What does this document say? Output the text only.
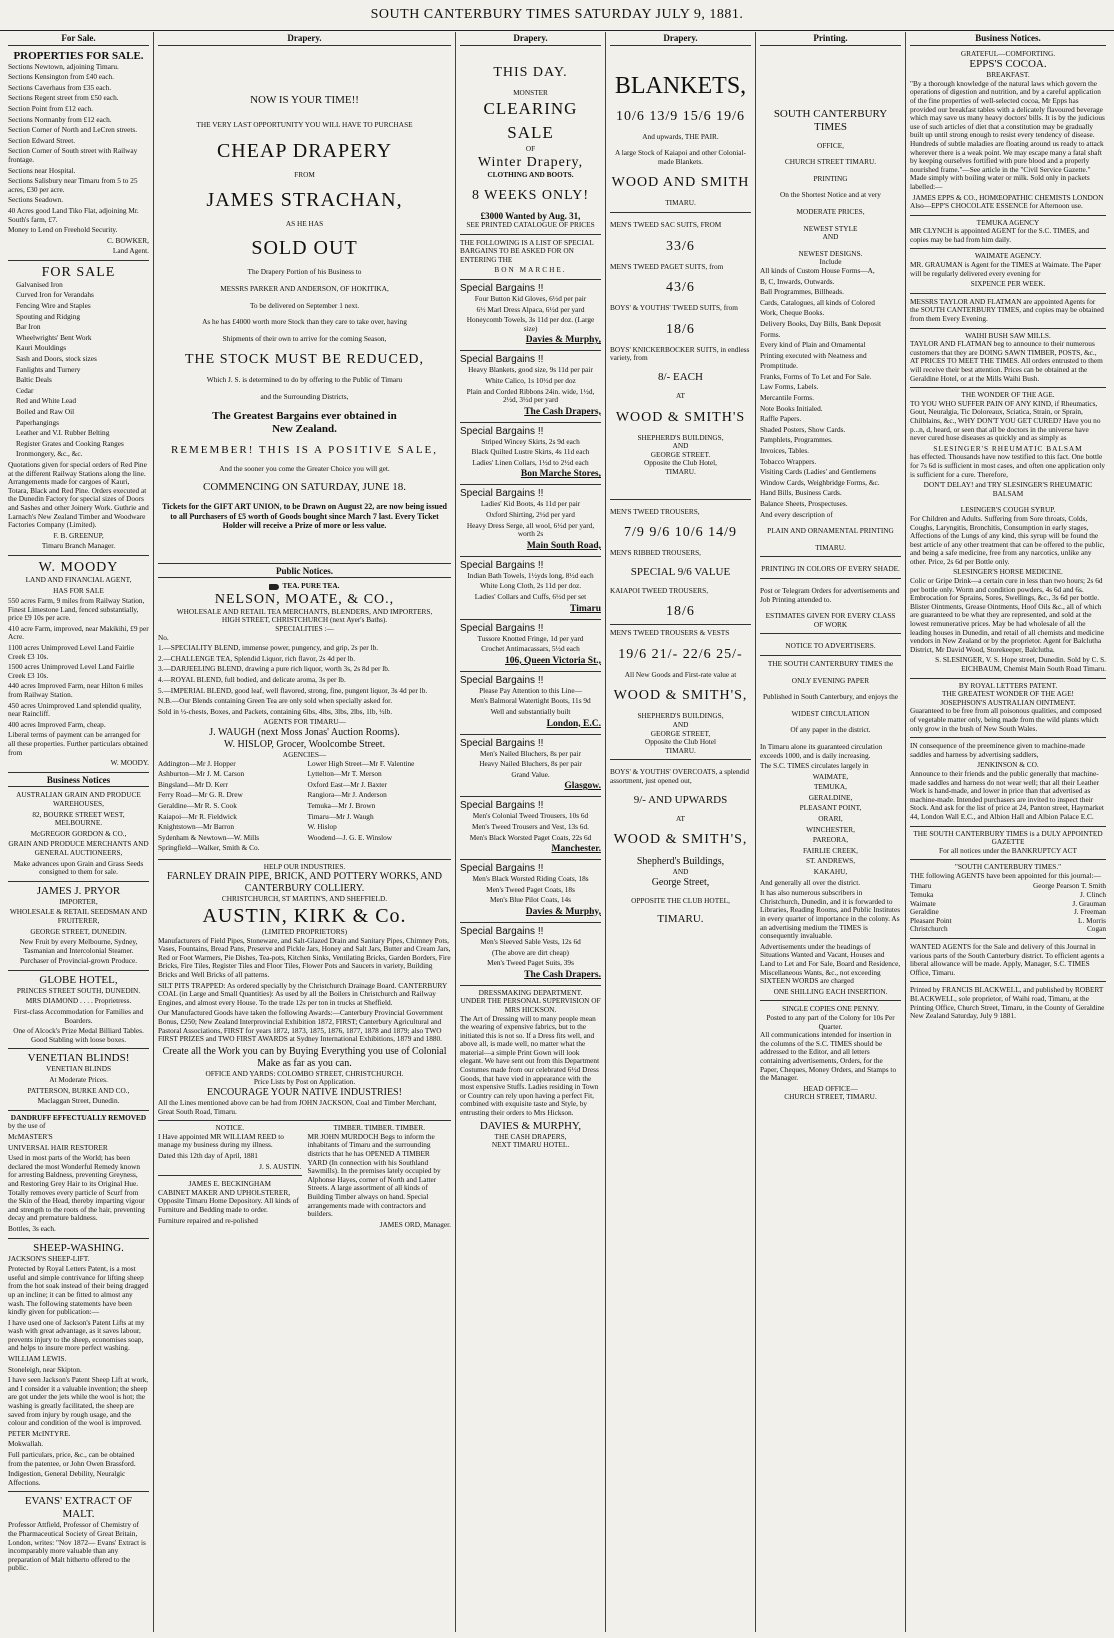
SOUTH CANTERBURY TIMES SATURDAY JULY 9, 1881.
For Sale.
PROPERTIES FOR SALE.

Sections Newtown, adjoining Timaru.

Sections Kensington from £40 each.

Sections Caverhaus from £35 each.

Sections Regent street from £50 each.

Section Point from £12 each.

Sections Normanby from £12 each.

Section Corner of North and LeCren streets.

Section Edward Street.

Section Corner of South street with Railway frontage.

Sections near Hospital.

Sections Salisbury near Timaru from 5 to 25 acres, £30 per acre.

Sections Seadown.

40 Acres good Land Tiko Flat, adjoining Mr. South's farm, £7.

Money to Lend on Freehold Security.

C. BOWKER,

Land Agent.

FOR SALE

Galvanised Iron

Curved Iron for Verandahs

Fencing Wire and Staples

Spouting and Ridging

Bar Iron

Wheelwrights' Bent Work

Kauri Mouldings

Sash and Doors, stock sizes

Fanlights and Turnery

Baltic Deals

Cedar

Red and White Lead

Boiled and Raw Oil

Paperhangings

Leather and V.I. Rubber Belting

Register Grates and Cooking Ranges

Ironmongery, &c., &c.

Quotations given for special orders of Red Pine at the different Railway Stations along the line. Arrangements made for cargoes of Kauri, Totara, Black and Red Pine. Orders executed at the Dunedin Factory for special sizes of Doors and Sashes and other Joinery Work. Guthrie and Larnach's New Zealand Timber and Woodware Factories Company (Limited).

F. B. GREENUP,

Timaru Branch Manager.

W. MOODY

LAND AND FINANCIAL AGENT,

HAS FOR SALE

550 acres Farm, 9 miles from Railway Station, Finest Limestone Land, fenced substantially, price £9 10s per acre.

410 acre Farm, improved, near Makikihi, £9 per Acre.

1100 acres Unimproved Level Land Fairlie Creek £3 10s.

1500 acres Unimproved Level Land Fairlie Creek £3 10s.

440 acres Improved Farm, near Hilton 6 miles from Railway Station.

450 acres Unimproved Land splendid quality, near Raincliff.

400 acres Improved Farm, cheap.

Liberal terms of payment can be arranged for all these properties. Further particulars obtained from

W. MOODY.

Business Notices

AUSTRALIAN GRAIN AND PRODUCE WAREHOUSES,

82, BOURKE STREET WEST, MELBOURNE.

McGREGOR GORDON & CO.,

GRAIN AND PRODUCE MERCHANTS AND GENERAL AUCTIONEERS,

Make advances upon Grain and Grass Seeds consigned to them for sale.

JAMES J. PRYOR

IMPORTER,

WHOLESALE & RETAIL SEEDSMAN AND FRUITERER,

GEORGE STREET, DUNEDIN.

New Fruit by every Melbourne, Sydney, Tasmanian and Intercolonial Steamer.

Purchaser of Provincial-grown Produce.

GLOBE HOTEL,

PRINCES STREET SOUTH, DUNEDIN.

MRS DIAMOND . . . . Proprietress.

First-class Accommodation for Families and Boarders.

One of Alcock's Prize Medal Billiard Tables. Good Stabling with loose boxes.

VENETIAN BLINDS!

VENETIAN BLINDS

At Moderate Prices.

PATTERSON, BURKE AND CO.,

Maclaggan Street, Dunedin.

DANDRUFF EFFECTUALLY REMOVED

by the use of

McMASTER'S

UNIVERSAL HAIR RESTORER

Used in most parts of the World; has been declared the most Wonderful Remedy known for arresting Baldness, preventing Greyness, and Restoring Grey Hair to its Original Hue. Totally removes every particle of Scurf from the Skin of the Head, thereby imparting vigour and strength to the roots of the hair, preventing decay and premature baldness.

Bottles, 3s each.

SHEEP-WASHING.

JACKSON'S SHEEP-LIFT.

Protected by Royal Letters Patent, is a most useful and simple contrivance for lifting sheep from the hot soak instead of their being dragged up an incline; it can be fitted to almost any wash. The following statements have been kindly given for publication:—

I have used one of Jackson's Patent Lifts at my wash with great advantage, as it saves labour, prevents injury to the sheep, economises soap, and helps to insure more perfect washing.

WILLIAM LEWIS.

Stoneleigh, near Skipton.

I have seen Jackson's Patent Sheep Lift at work, and I consider it a valuable invention; the sheep are got under the jets while the wool is hot; the washing is greatly facilitated, the sheep are saved from injury by rough usage, and the colour and condition of the wool is improved.

PETER McINTYRE.

Mokwallah.

Full particulars, price, &c., can be obtained from the patentee, or John Owen Brassford.

Indigestion, General Debility, Neuralgic Affections.

EVANS' EXTRACT OF MALT.

Professor Attfield, Professor of Chemistry of the Pharmaceutical Society of Great Britain, London, writes: "Nov 1872— Evans' Extract is incomparably more valuable than any preparation of Malt hitherto offered to the public.

Drapery.
NOW IS YOUR TIME!!
THE VERY LAST OPPORTUNITY YOU WILL HAVE TO PURCHASE
CHEAP DRAPERY
FROM
JAMES STRACHAN,
AS HE HAS
SOLD OUT
The Drapery Portion of his Business to
MESSRS PARKER AND ANDERSON, OF HOKITIKA,
To be delivered on September 1 next.
As he has £4000 worth more Stock than they care to take over, having
Shipments of their own to arrive for the coming Season,
THE STOCK MUST BE REDUCED,
Which J. S. is determined to do by offering to the Public of Timaru
and the Surrounding Districts,
The Greatest Bargains ever obtained in
New Zealand.
REMEMBER! THIS IS A POSITIVE SALE,
And the sooner you come the Greater Choice you will get.
COMMENCING ON SATURDAY, JUNE 18.
Tickets for the GIFT ART UNION, to be Drawn on August 22, are now being issued to all Purchasers of £5 worth of Goods bought since March 7 last. Every Ticket Holder will receive a Prize of more or less value.
Public Notices.
TEA. PURE TEA.
NELSON, MOATE, & CO.,
WHOLESALE AND RETAIL TEA MERCHANTS, BLENDERS, AND IMPORTERS,
HIGH STREET, CHRISTCHURCH (next Ayer's Baths).
SPECIALITIES :—

No.

1.—SPECIALITY BLEND, immense power, pungency, and grip, 2s per lb.

2.—CHALLENGE TEA, Splendid Liquor, rich flavor, 2s 4d per lb.

3.—DARJEELING BLEND, drawing a pure rich liquor, worth 3s, 2s 8d per lb.

4.—ROYAL BLEND, full bodied, and delicate aroma, 3s per lb.

5.—IMPERIAL BLEND, good leaf, well flavored, strong, fine, pungent liquor, 3s 4d per lb.

N.B.—Our Blends containing Green Tea are only sold when specially asked for.

Sold in ½-chests, Boxes, and Packets, containing 6lbs, 4lbs, 3lbs, 2lbs, 1lb, ½lb.

AGENTS FOR TIMARU—
J. WAUGH (next Moss Jonas' Auction Rooms).
W. HISLOP, Grocer, Woolcombe Street.
AGENCIES—

Addington—Mr J. Hopper

Ashburton—Mr J. M. Carson

Bingsland—Mr D. Kerr

Ferry Road—Mr G. R. Drew

Geraldine—Mr R. S. Cook

Kaiapoi—Mr R. Fieldwick

Knightstown—Mr Barron

Sydenham & Newtown—W. Mills

Springfield—Walker, Smith & Co.

Lower High Street—Mr F. Valentine

Lyttelton—Mr T. Merson

Oxford East—Mr J. Baxter

Rangiora—Mr J. Anderson

Temuka—Mr J. Brown

Timaru—Mr J. Waugh

W. Hislop

Woodend—J. G. E. Winslow

HELP OUR INDUSTRIES.
FARNLEY DRAIN PIPE, BRICK, AND POTTERY WORKS, AND CANTERBURY COLLIERY.
CHRISTCHURCH, ST MARTIN'S, AND SHEFFIELD.
AUSTIN, KIRK & Co.
(LIMITED PROPRIETORS)

Manufacturers of Field Pipes, Stoneware, and Salt-Glazed Drain and Sanitary Pipes, Chimney Pots, Vases, Fountains, Bread Pans, Preserve and Pickle Jars, Honey and Salt Jars, Butter and Cream Jars, Red or Foot Warmers, Pie Dishes, Tea-pots, Kitchen Sinks, Ventilating Bricks, Garden Borders, Fire Bricks, Fire Tiles, Register Tiles and Floor Tiles, Flower Pots and Saucers in variety, Building Bricks and Well Bricks of all patterns.

SILT PITS TRAPPED: As ordered specially by the Christchurch Drainage Board. CANTERBURY COAL (in Large and Small Quantities): As used by all the Boilers in Christchurch and Railway Engines, and almost every House. To the trade 12s per ton in trucks at Sheffield.

Our Manufactured Goods have taken the following Awards:—Canterbury Provincial Government Bonus, £250; New Zealand Interprovincial Exhibition 1872, FIRST; Canterbury Agricultural and Pastoral Associations, FIRST for years 1872, 1873, 1875, 1876, 1877, 1878 and 1879; also TWO FIRST PRIZES and TWO FIRST AWARDS at Sydney International Exhibitions, 1879 and 1880.

Create all the Work you can by Buying Everything you use of Colonial Make as far as you can.
OFFICE AND YARDS: COLOMBO STREET, CHRISTCHURCH.
Price Lists by Post on Application.
ENCOURAGE YOUR NATIVE INDUSTRIES!

All the Lines mentioned above can be had from JOHN JACKSON, Coal and Timber Merchant, Great South Road, Timaru.

NOTICE.

I Have appointed MR WILLIAM REED to manage my business during my illness.

Dated this 12th day of April, 1881

J. S. AUSTIN.

JAMES E. BECKINGHAM

CABINET MAKER AND UPHOLSTERER, Opposite Timaru Home Depository. All kinds of Furniture and Bedding made to order.

Furniture repaired and re-polished

TIMBER. TIMBER. TIMBER.

MR JOHN MURDOCH Begs to inform the inhabitants of Timaru and the surrounding districts that he has OPENED A TIMBER YARD (In connection with his Southland Sawmills). In the premises lately occupied by Alphonse Hayes, corner of North and Latter Streets. A large assortment of all kinds of Building Timber always on hand. Special arrangements made with contractors and builders.

JAMES ORD, Manager.

Drapery.
THIS DAY.
MONSTER
CLEARING SALE
OF
Winter Drapery,
CLOTHING AND BOOTS.
8 WEEKS ONLY!
£3000 Wanted by Aug. 31,
SEE PRINTED CATALOGUE OF PRICES

THE FOLLOWING IS A LIST OF SPECIAL BARGAINS TO BE ASKED FOR ON ENTERING THE

BON MARCHE.
Special Bargains !!

Four Button Kid Gloves, 6½d per pair

6½ Marl Dress Alpaca, 6½d per yard

Honeycomb Towels, 3s 11d per doz. (Large size)

Davies & Murphy,
Special Bargains !!

Heavy Blankets, good size, 9s 11d per pair

White Calico, 1s 10½d per doz

Plain and Corded Ribbons 24in. wide, 1½d, 2½d, 3½d per yard

The Cash Drapers,
Special Bargains !!

Striped Wincey Skirts, 2s 9d each

Black Quilted Lustre Skirts, 4s 11d each

Ladies' Linen Collars, 1½d to 2½d each

Bon Marche Stores,
Special Bargains !!

Ladies' Kid Boots, 4s 11d per pair

Oxford Shirting, 2½d per yard

Heavy Dress Serge, all wool, 6½d per yard, worth 2s

Main South Road,
Special Bargains !!

Indian Bath Towels, 1½yds long, 8½d each

White Long Cloth, 2s 11d per doz.

Ladies' Collars and Cuffs, 6½d per set

Timaru
Special Bargains !!

Tussore Knotted Fringe, 1d per yard

Crochet Antimacassars, 5½d each

106, Queen Victoria St.,
Special Bargains !!

Please Pay Attention to this Line—

Men's Balmoral Watertight Boots, 11s 9d

Well and substantially built

London, E.C.
Special Bargains !!

Men's Nailed Bluchers, 8s per pair

Heavy Nailed Bluchers, 8s per pair

Grand Value.

Glasgow.
Special Bargains !!

Men's Colonial Tweed Trousers, 10s 6d

Men's Tweed Trousers and Vest, 13s 6d.

Men's Black Worsted Paget Coats, 22s 6d

Manchester.
Special Bargains !!

Men's Black Worsted Riding Coats, 18s

Men's Tweed Paget Coats, 18s

Men's Blue Pilot Coats, 14s

Davies & Murphy,
Special Bargains !!

Men's Sleeved Sable Vests, 12s 6d

(The above are dirt cheap)

Men's Tweed Paget Suits, 39s

The Cash Drapers.
DRESSMAKING DEPARTMENT.
UNDER THE PERSONAL SUPERVISION OF
MRS HICKSON.

The Art of Dressing will to many people mean the wearing of expensive fabrics, but to the initiated this is not so. If a Dress fits well, and above all, is made well, no matter what the material—a simple Print Gown will look elegant. We have sent out from this Department Costumes made from our celebrated 6½d Dress Goods, that have vied in appearance with the most expensive Stuffs. Ladies residing in Town or Country can rely upon having a perfect Fit, combined with exquisite taste and Style, by entrusting their orders to Mrs Hickson.

DAVIES & MURPHY,
THE CASH DRAPERS,
NEXT TIMARU HOTEL.
Drapery.
BLANKETS,
10/6 13/9 15/6 19/6
And upwards, THE PAIR.
A large Stock of Kaiapoi and other Colonial-made Blankets.
WOOD AND SMITH
TIMARU.
MEN'S TWEED SAC SUITS, FROM
33/6
MEN'S TWEED PAGET SUITS, from
43/6
BOYS' & YOUTHS' TWEED SUITS, from
18/6
BOYS' KNICKERBOCKER SUITS, in endless variety, from
8/- EACH
AT
WOOD & SMITH'S
SHEPHERD'S BUILDINGS,
AND
GEORGE STREET.
Opposite the Club Hotel,
TIMARU.
MEN'S TWEED TROUSERS,
7/9 9/6 10/6 14/9
MEN'S RIBBED TROUSERS,
SPECIAL 9/6 VALUE
KAIAPOI TWEED TROUSERS,
18/6
MEN'S TWEED TROUSERS & VESTS
19/6 21/- 22/6 25/-
All New Goods and First-rate value at
WOOD & SMITH'S,
SHEPHERD'S BUILDINGS,
AND
GEORGE STREET,
Opposite the Club Hotel
TIMARU.
BOYS' & YOUTHS' OVERCOATS, a splendid assortment, just opened out,
9/- AND UPWARDS
AT
WOOD & SMITH'S,
Shepherd's Buildings,
AND
George Street,
OPPOSITE THE CLUB HOTEL,
TIMARU.
Printing.
SOUTH CANTERBURY TIMES
OFFICE,
CHURCH STREET TIMARU.
PRINTING
On the Shortest Notice and at very
MODERATE PRICES,
NEWEST STYLE
AND
NEWEST DESIGNS.
Include

All kinds of Custom House Forms—A,

B, C, Inwards, Outwards.

Ball Programmes, Billheads.

Cards, Catalogues, all kinds of Colored

Work, Cheque Books.

Delivery Books, Day Bills, Bank Deposit

Forms.

Every kind of Plain and Ornamental

Printing executed with Neatness and

Promptitude.

Franks, Forms of To Let and For Sale.

Law Forms, Labels.

Mercantile Forms.

Note Books Initialed.

Raffle Papers.

Shaded Posters, Show Cards.

Pamphlets, Programmes.

Invoices, Tables.

Tobacco Wrappers.

Visiting Cards (Ladies' and Gentlemens

Window Cards, Weighbridge Forms, &c.

Hand Bills, Business Cards.

Balance Sheets, Prospectuses.

And every description of

PLAIN AND ORNAMENTAL PRINTING
TIMARU.
PRINTING IN COLORS OF EVERY SHADE.

Post or Telegram Orders for advertisements and Job Printing attended to.

ESTIMATES GIVEN FOR EVERY CLASS OF WORK
NOTICE TO ADVERTISERS.
THE SOUTH CANTERBURY TIMES the
ONLY EVENING PAPER
Published in South Canterbury, and enjoys the
WIDEST CIRCULATION
Of any paper in the district.

In Timaru alone its guaranteed circulation exceeds 1000, and is daily increasing.

The S.C. TIMES circulates largely in

WAIMATE,

TEMUKA,

GERALDINE,

PLEASANT POINT,

ORARI,

WINCHESTER,

PAREORA,

FAIRLIE CREEK,

ST. ANDREWS,

KAKAHU,

And generally all over the district.

It has also numerous subscribers in Christchurch, Dunedin, and it is forwarded to Libraries, Reading Rooms, and Public Institutes in every quarter of importance in the colony. As an advertising medium the TIMES is consequently invaluable.

Advertisements under the headings of Situations Wanted and Vacant, Houses and Land to Let and For Sale, Board and Residence, Miscellaneous Wants, &c., not exceeding SIXTEEN WORDS are charged

ONE SHILLING EACH INSERTION.
SINGLE COPIES ONE PENNY.
Posted to any part of the Colony for 10s Per Quarter.

All communications intended for insertion in the columns of the S.C. TIMES should be addressed to the Editor, and all letters containing advertisements, Orders, for the Paper, Cheques, Money Orders, and Stamps to the Manager.

HEAD OFFICE—
CHURCH STREET, TIMARU.
Business Notices.
GRATEFUL—COMFORTING.
EPPS'S COCOA.
BREAKFAST.

"By a thorough knowledge of the natural laws which govern the operations of digestion and nutrition, and by a careful application of the fine properties of well-selected cocoa, Mr Epps has provided our breakfast tables with a delicately flavoured beverage which may save us many heavy doctors' bills. It is by the judicious use of such articles of diet that a constitution may be gradually built up until strong enough to resist every tendency of disease. Hundreds of subtle maladies are floating around us ready to attack wherever there is a weak point. We may escape many a fatal shaft by keeping ourselves fortified with pure blood and a properly nourished frame."—See article in the "Civil Service Gazette." Made simply with boiling water or milk. Sold only in packets labelled:—

JAMES EPPS & CO., HOMŒOPATHIC CHEMISTS LONDON

Also—EPP'S CHOCOLATE ESSENCE for Afternoon use.

TEMUKA AGENCY

MR CLYNCH is appointed AGENT for the S.C. TIMES, and copies may be had from him daily.

WAIMATE AGENCY.

MR. GRAUMAN is Agent for the TIMES at Waimate. The Paper will be regularly delivered every evening for

SIXPENCE PER WEEK.

MESSRS TAYLOR AND FLATMAN are appointed Agents for the SOUTH CANTERBURY TIMES, and copies may be obtained from them Every Evening.

WAIHI BUSH SAW MILLS.

TAYLOR AND FLATMAN beg to announce to their numerous customers that they are DOING SAWN TIMBER, POSTS, &c., AT PRICES TO MEET THE TIMES. All orders entrusted to them will receive their best attention. Prices can be obtained at the Geraldine Hotel, or at the Mills Waihi Bush.

THE WONDER OF THE AGE.

TO YOU WHO SUFFER PAIN OF ANY KIND, if Rheumatics, Gout, Neuralgia, Tic Doloreaux, Sciatica, Strain, or Sprain, Chilblains, &c., WHY DON'T YOU GET CURED? Have you no p...n, d, heard, or seen that all be doctors in the universe have never cured hose diseases as quickly and as simply as

SLESINGER'S RHEUMATIC BALSAM

has effected. Thousands have now testified to this fact. One bottle for 7s 6d is sufficient in most cases, and often one application only is sufficient for a cure. Therefore,

DON'T DELAY! and TRY SLESINGER'S RHEUMATIC BALSAM
LESINGER'S COUGH SYRUP.

For Children and Adults. Suffering from Sore throats, Colds, Coughs, Laryngitis, Bronchitis, Consumption in early stages, Affections of the Lungs of any kind, this syrup will be found the best article of any other treatment that can be offered to the public, and being a safe medicine, free from any narcotics, unlike any other. Price, 2s 6d per Bottle only.

SLESINGER'S HORSE MEDICINE.

Colic or Gripe Drink—a certain cure in less than two hours; 2s 6d per bottle only. Worm and condition powders, 4s 6d and 6s. Embrocation for Sprains, Sores, Swellings, &c., 3s 6d per bottle. Blister Ointments, Grease Ointments, Hoof Oils &c., all of which are guaranteed to be what they are represented, and sold at the lowest remunerative prices. May be had wholesale of all the leading houses in Dunedin, and retail of all chemists and medicine vendors in New Zealand or by the proprietor. Agent for Balclutha District, Mr David Wood, Storekeeper, Balclutha.

S. SLESINGER, V. S. Hope street, Dunedin. Sold by C. S. EICHBAUM, Chemist Main South Road Timaru.

BY ROYAL LETTERS PATENT.
THE GREATEST WONDER OF THE AGE!
JOSEPHSON'S AUSTRALIAN OINTMENT.

Guaranteed to be free from all poisonous qualities, and composed of vegetable matter only, being made from the wild plants which only grow in the bush of New South Wales.

IN consequence of the preeminence given to machine-made saddles and harness by advertising saddlers,

JENKINSON & CO.

Announce to their friends and the public generally that machine-made saddles and harness do not wear well; that all their Leather Work is hand-made, and lower in price than that advertised as machine-made. Intended purchasers are invited to inspect their Stock. And ask for the list of price at 24, Panton street, Haymarket 44, London Wall E.C., and Albion Hall and Albion Palace E.C.

THE SOUTH CANTERBURY TIMES is a DULY APPOINTED GAZETTE
For all notices under the BANKRUPTCY ACT
"SOUTH CANTERBURY TIMES."

THE following AGENTS have been appointed for this journal:—

Timaru	George Pearson T. Smith
Temuka	J. Clinch
Waimate	J. Grauman
Geraldine	J. Freeman
Pleasant Point	L. Morris
Christchurch	Cogan

WANTED AGENTS for the Sale and delivery of this Journal in various parts of the South Canterbury district. To efficient agents a liberal allowance will be made. Apply, Manager, S.C. TIMES Office, Timaru.

Printed by FRANCIS BLACKWELL, and published by ROBERT BLACKWELL, sole proprietor, of Waihi road, Timaru, at the Printing Office, Church Street, Timaru, in the County of Geraldine New Zealand Saturday, July 9 1881.
